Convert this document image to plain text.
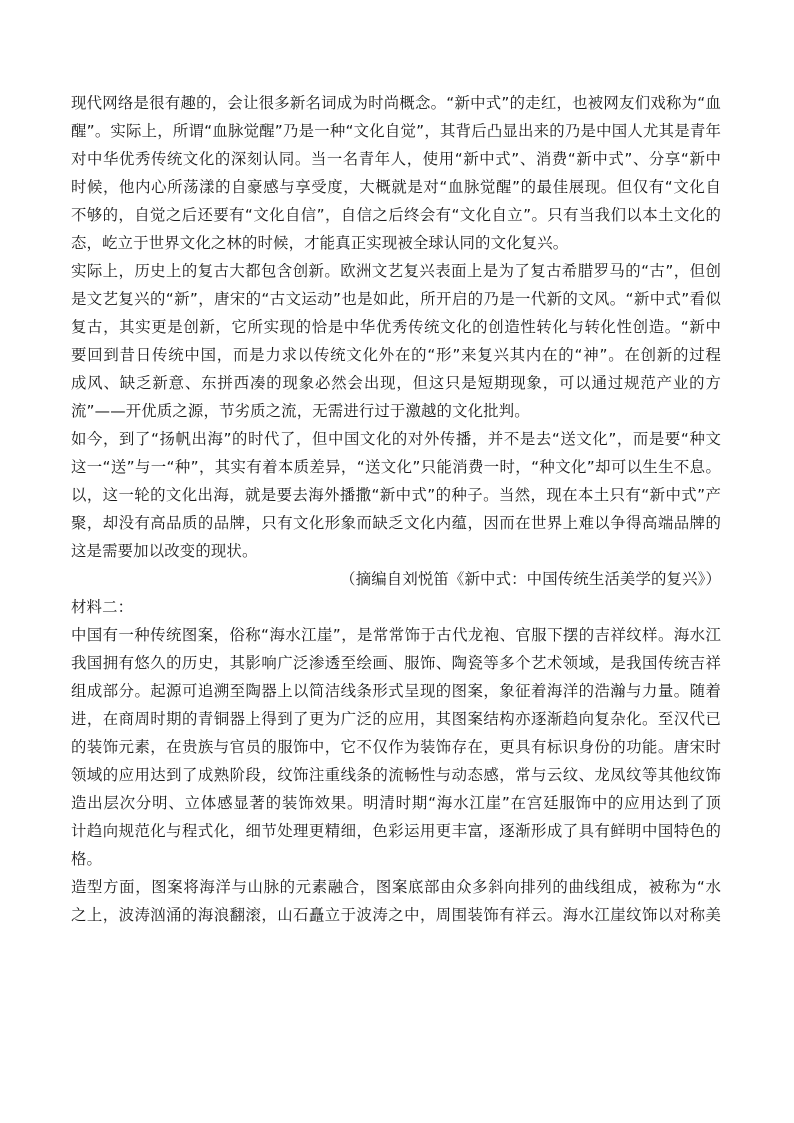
现代网络是很有趣的，会让很多新名词成为时尚概念。“新中式”的走红，也被网友们戏称为“血
醒”。实际上，所谓“血脉觉醒”乃是一种“文化自觉”，其背后凸显出来的乃是中国人尤其是青年
对中华优秀传统文化的深刻认同。当一名青年人，使用“新中式”、消费“新中式”、分享“新中
时候，他内心所荡漾的自豪感与享受度，大概就是对“血脉觉醒”的最佳展现。但仅有“文化自
不够的，自觉之后还要有“文化自信”，自信之后终会有“文化自立”。只有当我们以本土文化的
态，屹立于世界文化之林的时候，才能真正实现被全球认同的文化复兴。
实际上，历史上的复古大都包含创新。欧洲文艺复兴表面上是为了复古希腊罗马的“古”，但创
是文艺复兴的“新”，唐宋的“古文运动”也是如此，所开启的乃是一代新的文风。“新中式”看似
复古，其实更是创新，它所实现的恰是中华优秀传统文化的创造性转化与转化性创造。“新中
要回到昔日传统中国，而是力求以传统文化外在的“形”来复兴其内在的“神”。在创新的过程
成风、缺乏新意、东拼西凑的现象必然会出现，但这只是短期现象，可以通过规范产业的方
流”——开优质之源，节劣质之流，无需进行过于激越的文化批判。
如今，到了“扬帆出海”的时代了，但中国文化的对外传播，并不是去“送文化”，而是要“种文
这一“送”与一“种”，其实有着本质差异，“送文化”只能消费一时，“种文化”却可以生生不息。
以，这一轮的文化出海，就是要去海外播撒“新中式”的种子。当然，现在本土只有“新中式”产
聚，却没有高品质的品牌，只有文化形象而缺乏文化内蕴，因而在世界上难以争得高端品牌的
这是需要加以改变的现状。
（摘编自刘悦笛《新中式：中国传统生活美学的复兴》）
材料二：
中国有一种传统图案，俗称“海水江崖”，是常常饰于古代龙袍、官服下摆的吉祥纹样。海水江
我国拥有悠久的历史，其影响广泛渗透至绘画、服饰、陶瓷等多个艺术领域，是我国传统吉祥
组成部分。起源可追溯至陶器上以简洁线条形式呈现的图案，象征着海洋的浩瀚与力量。随着
进，在商周时期的青铜器上得到了更为广泛的应用，其图案结构亦逐渐趋向复杂化。至汉代已
的装饰元素，在贵族与官员的服饰中，它不仅作为装饰存在，更具有标识身份的功能。唐宋时
领域的应用达到了成熟阶段，纹饰注重线条的流畅性与动态感，常与云纹、龙凤纹等其他纹饰
造出层次分明、立体感显著的装饰效果。明清时期“海水江崖”在宫廷服饰中的应用达到了顶
计趋向规范化与程式化，细节处理更精细，色彩运用更丰富，逐渐形成了具有鲜明中国特色的
格。
造型方面，图案将海洋与山脉的元素融合，图案底部由众多斜向排列的曲线组成，被称为“水
之上，波涛汹涌的海浪翻滚，山石矗立于波涛之中，周围装饰有祥云。海水江崖纹饰以对称美
